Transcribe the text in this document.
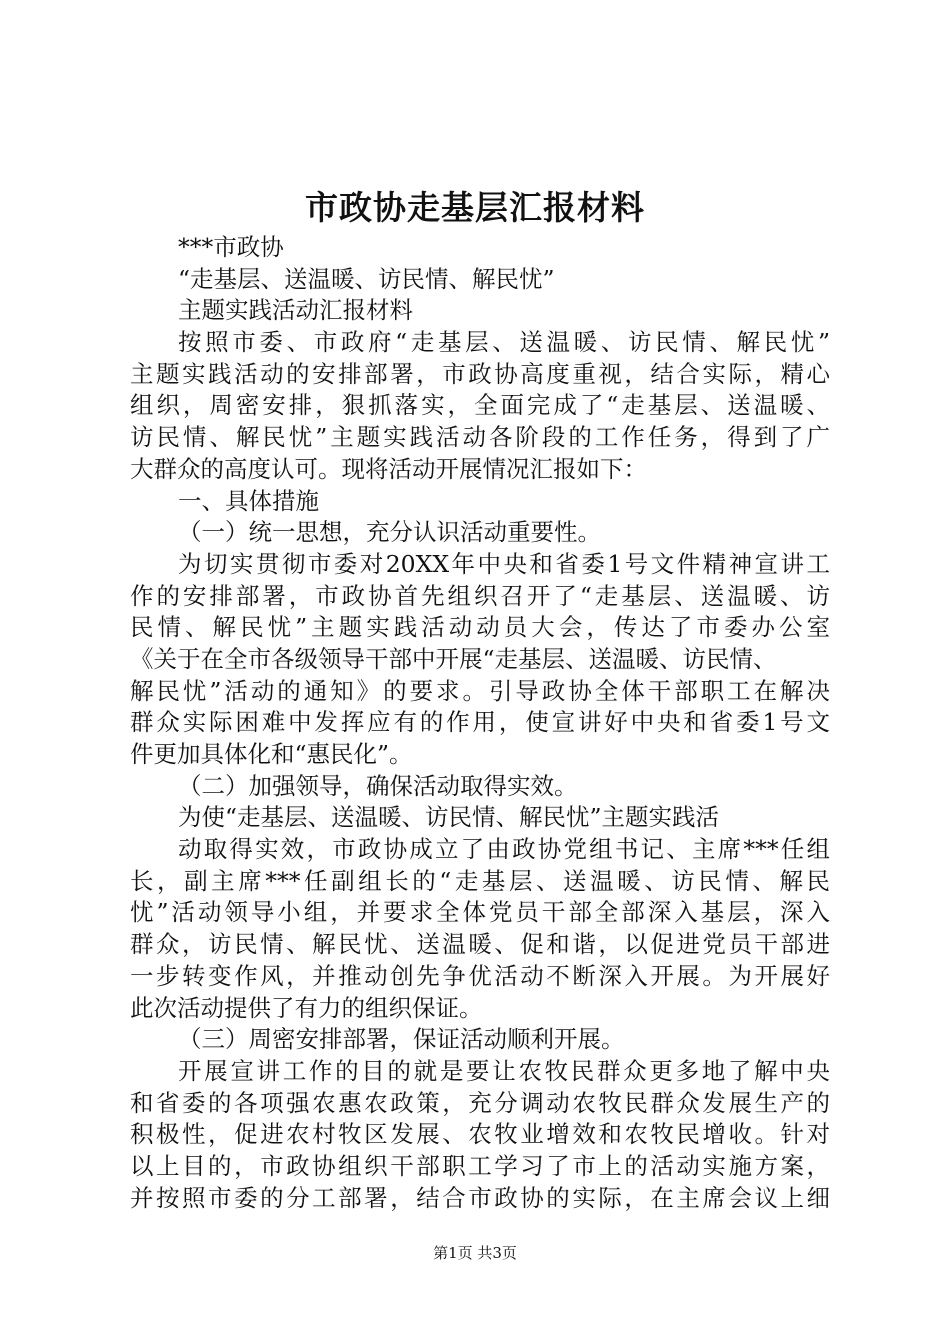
市政协走基层汇报材料
***市政协
“走基层、送温暖、访民情、解民忧”
主题实践活动汇报材料
按照市委、市政府“走基层、送温暖、访民情、解民忧”
主题实践活动的安排部署，市政协高度重视，结合实际，精心
组织，周密安排，狠抓落实，全面完成了“走基层、送温暖、
访民情、解民忧”主题实践活动各阶段的工作任务，得到了广
大群众的高度认可。现将活动开展情况汇报如下：
一、具体措施
（一）统一思想，充分认识活动重要性。
为切实贯彻市委对20XX年中央和省委1号文件精神宣讲工
作的安排部署，市政协首先组织召开了“走基层、送温暖、访
民情、解民忧”主题实践活动动员大会，传达了市委办公室
《关于在全市各级领导干部中开展“走基层、送温暖、访民情、
解民忧”活动的通知》的要求。引导政协全体干部职工在解决
群众实际困难中发挥应有的作用，使宣讲好中央和省委1号文
件更加具体化和“惠民化”。
（二）加强领导，确保活动取得实效。
为使“走基层、送温暖、访民情、解民忧”主题实践活
动取得实效，市政协成立了由政协党组书记、主席***任组
长，副主席***任副组长的“走基层、送温暖、访民情、解民
忧”活动领导小组，并要求全体党员干部全部深入基层，深入
群众，访民情、解民忧、送温暖、促和谐，以促进党员干部进
一步转变作风，并推动创先争优活动不断深入开展。为开展好
此次活动提供了有力的组织保证。
（三）周密安排部署，保证活动顺利开展。
开展宣讲工作的目的就是要让农牧民群众更多地了解中央
和省委的各项强农惠农政策，充分调动农牧民群众发展生产的
积极性，促进农村牧区发展、农牧业增效和农牧民增收。针对
以上目的，市政协组织干部职工学习了市上的活动实施方案，
并按照市委的分工部署，结合市政协的实际，在主席会议上细
第1页 共3页
